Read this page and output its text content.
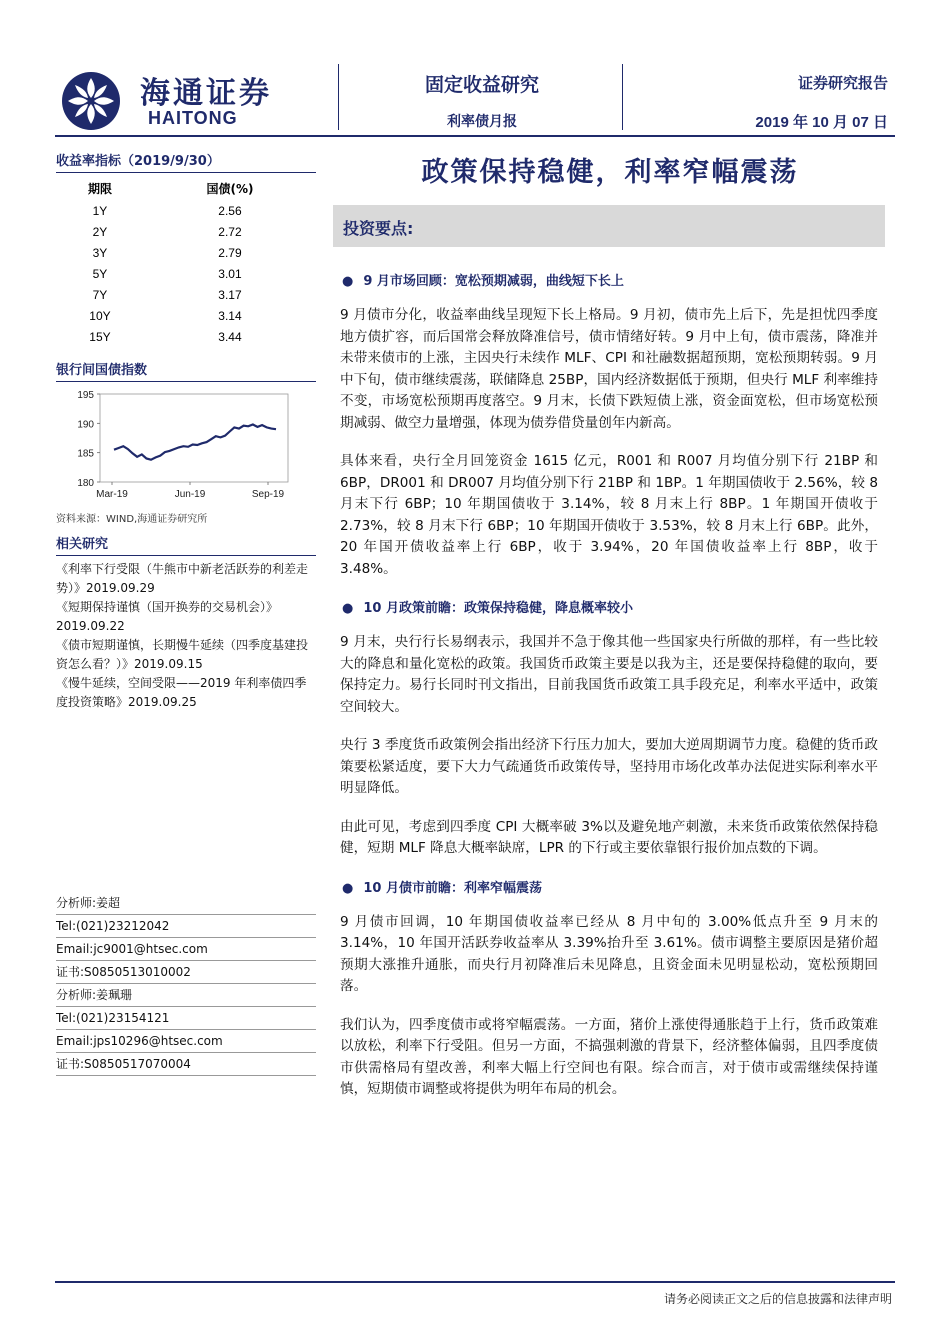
海通证券
HAITONG
固定收益研究
利率债月报
证券研究报告
2019 年 10 月 07 日
收益率指标（2019/9/30）
期限	国债(%)
1Y	2.56
2Y	2.72
3Y	2.79
5Y	3.01
7Y	3.17
10Y	3.14
15Y	3.44
银行间国债指数
195
190
185
180
Mar-19	Jun-19	Sep-19
资料来源：WIND,海通证券研究所
相关研究
《利率下行受限（牛熊市中新老活跃券的利差走势）》2019.09.29
《短期保持谨慎（国开换券的交易机会）》2019.09.22
《债市短期谨慎，长期慢牛延续（四季度基建投资怎么看？）》2019.09.15
《慢牛延续，空间受限——2019 年利率债四季度投资策略》2019.09.25
分析师:姜超
Tel:(021)23212042
Email:jc9001@htsec.com
证书:S0850513010002
分析师:姜珮珊
Tel:(021)23154121
Email:jps10296@htsec.com
证书:S0850517070004
政策保持稳健，利率窄幅震荡
投资要点:
● 9 月市场回顾：宽松预期减弱，曲线短下长上

9 月债市分化，收益率曲线呈现短下长上格局。9 月初，债市先上后下，先是担忧四季度地方债扩容，而后国常会释放降准信号，债市情绪好转。9 月中上旬，债市震荡，降准并未带来债市的上涨，主因央行未续作 MLF、CPI 和社融数据超预期，宽松预期转弱。9 月中下旬，债市继续震荡，联储降息 25BP，国内经济数据低于预期，但央行 MLF 利率维持不变，市场宽松预期再度落空。9 月末，长债下跌短债上涨，资金面宽松，但市场宽松预期减弱、做空力量增强，体现为债券借贷量创年内新高。

具体来看，央行全月回笼资金 1615 亿元，R001 和 R007 月均值分别下行 21BP 和 6BP，DR001 和 DR007 月均值分别下行 21BP 和 1BP。1 年期国债收于 2.56%，较 8 月末下行 6BP；10 年期国债收于 3.14%，较 8 月末上行 8BP。1 年期国开债收于 2.73%，较 8 月末下行 6BP；10 年期国开债收于 3.53%，较 8 月末上行 6BP。此外，20 年国开债收益率上行 6BP，收于 3.94%，20 年国债收益率上行 8BP，收于 3.48%。

● 10 月政策前瞻：政策保持稳健，降息概率较小

9 月末，央行行长易纲表示，我国并不急于像其他一些国家央行所做的那样，有一些比较大的降息和量化宽松的政策。我国货币政策主要是以我为主，还是要保持稳健的取向，要保持定力。易行长同时刊文指出，目前我国货币政策工具手段充足，利率水平适中，政策空间较大。

央行 3 季度货币政策例会指出经济下行压力加大，要加大逆周期调节力度。稳健的货币政策要松紧适度，要下大力气疏通货币政策传导，坚持用市场化改革办法促进实际利率水平明显降低。

由此可见，考虑到四季度 CPI 大概率破 3%以及避免地产刺激，未来货币政策依然保持稳健，短期 MLF 降息大概率缺席，LPR 的下行或主要依靠银行报价加点数的下调。

● 10 月债市前瞻：利率窄幅震荡

9 月债市回调，10 年期国债收益率已经从 8 月中旬的 3.00%低点升至 9 月末的 3.14%，10 年国开活跃券收益率从 3.39%抬升至 3.61%。债市调整主要原因是猪价超预期大涨推升通胀，而央行月初降准后未见降息，且资金面未见明显松动，宽松预期回落。

我们认为，四季度债市或将窄幅震荡。一方面，猪价上涨使得通胀趋于上行，货币政策难以放松，利率下行受阻。但另一方面，不搞强刺激的背景下，经济整体偏弱，且四季度债市供需格局有望改善，利率大幅上行空间也有限。综合而言，对于债市或需继续保持谨慎，短期债市调整或将提供为明年布局的机会。

请务必阅读正文之后的信息披露和法律声明
